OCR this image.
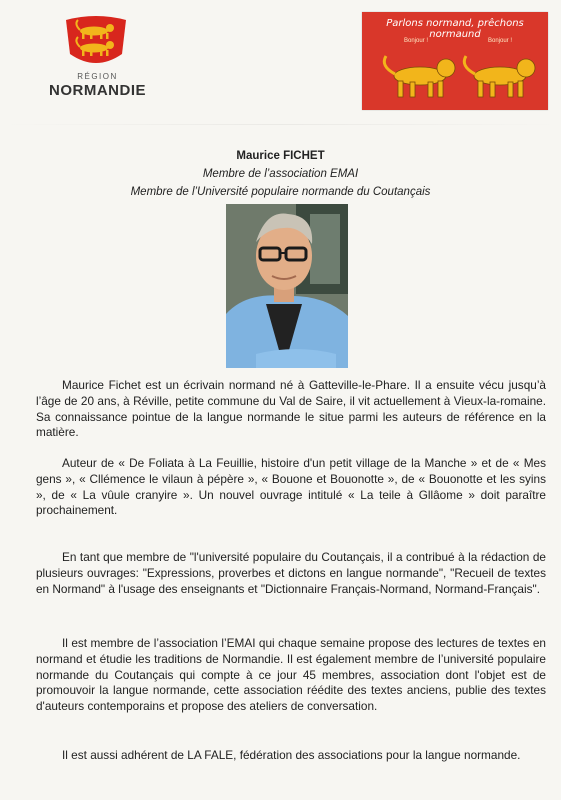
RÉGION
NORMANDIE
Parlons normand, prêchons normaund
Bonjour !	Bonjour !
Maurice FICHET
Membre de l’association EMAI
Membre de l’Université populaire normande du Coutançais

Maurice Fichet est un écrivain normand né à Gatteville-le-Phare. Il a ensuite vécu jusqu’à l’âge de 20 ans, à Réville, petite commune du Val de Saire, il vit actuellement à Vieux-la-romaine. Sa connaissance pointue de la langue normande le situe parmi les auteurs de référence en la matière.

Auteur de « De Foliata à La Feuillie, histoire d'un petit village de la Manche » et de « Mes gens », « Cllémence le vilaun à pépère », « Bouone et Bouonotte », de « Bouonotte et les syins », de « La vûule cranyire ». Un nouvel ouvrage intitulé « La teile à Gllâome » doit paraître prochainement.

En tant que membre de "l'université populaire du Coutançais, il a contribué à la rédaction de plusieurs ouvrages: "Expressions, proverbes et dictons en langue normande", "Recueil de textes en Normand" à l'usage des enseignants et "Dictionnaire Français-Normand, Normand-Français".

Il est membre de l’association l’EMAI qui chaque semaine propose des lectures de textes en normand et étudie les traditions de Normandie. Il est également membre de l’université populaire normande du Coutançais qui compte à ce jour 45 membres, association dont l'objet est de promouvoir la langue normande, cette association réédite des textes anciens, publie des textes d'auteurs contemporains et propose des ateliers de conversation.

Il est aussi adhérent de LA FALE, fédération des associations pour la langue normande.
